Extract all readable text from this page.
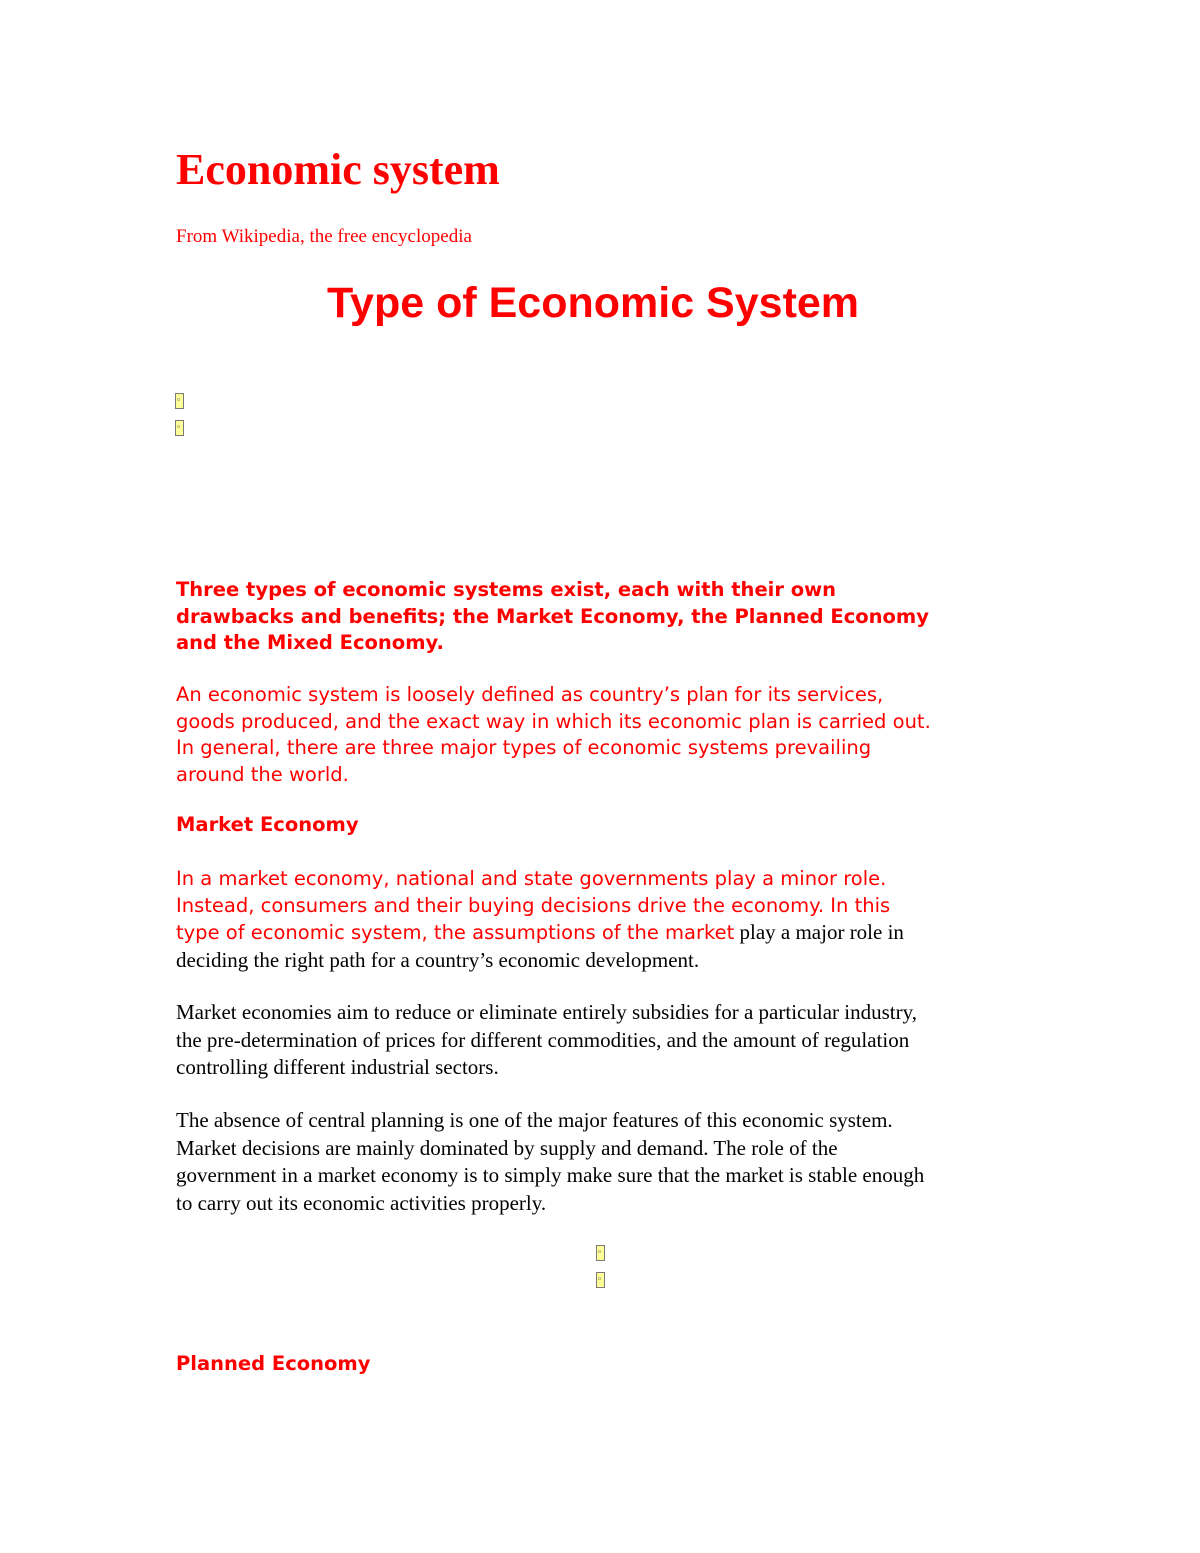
Economic system
From Wikipedia, the free encyclopedia
Type of Economic System
◦
◦
Three types of economic systems exist, each with their own
drawbacks and benefits; the Market Economy, the Planned Economy
and the Mixed Economy.
An economic system is loosely defined as country’s plan for its services,
goods produced, and the exact way in which its economic plan is carried out.
In general, there are three major types of economic systems prevailing
around the world.
Market Economy
In a market economy, national and state governments play a minor role.
Instead, consumers and their buying decisions drive the economy. In this
type of economic system, the assumptions of the market play a major role in
deciding the right path for a country’s economic development.
Market economies aim to reduce or eliminate entirely subsidies for a particular industry,
the pre-determination of prices for different commodities, and the amount of regulation
controlling different industrial sectors.
The absence of central planning is one of the major features of this economic system.
Market decisions are mainly dominated by supply and demand. The role of the
government in a market economy is to simply make sure that the market is stable enough
to carry out its economic activities properly.
◦
◦
Planned Economy
